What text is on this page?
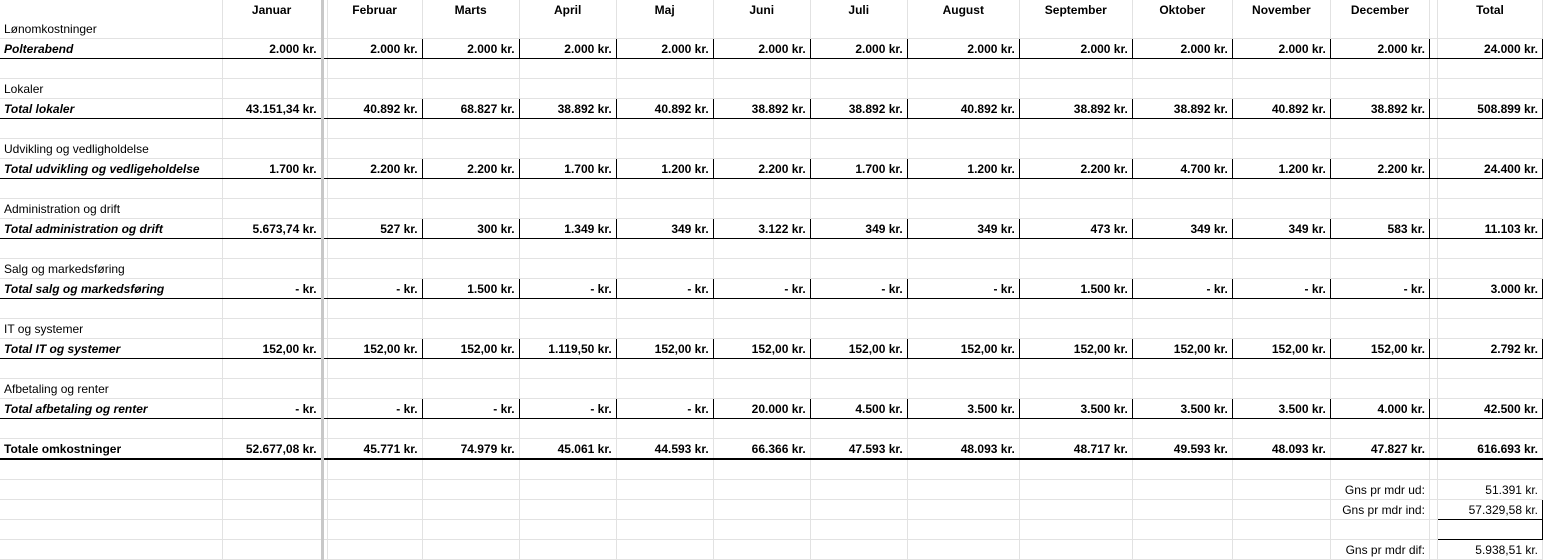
	Januar		Februar	Marts	April	Maj	Juni	Juli	August	September	Oktober	November	December		Total
Lønomkostninger															
Polterabend	2.000 kr.		2.000 kr.	2.000 kr.	2.000 kr.	2.000 kr.	2.000 kr.	2.000 kr.	2.000 kr.	2.000 kr.	2.000 kr.	2.000 kr.	2.000 kr.		24.000 kr.

Lokaler															
Total lokaler	43.151,34 kr.		40.892 kr.	68.827 kr.	38.892 kr.	40.892 kr.	38.892 kr.	38.892 kr.	40.892 kr.	38.892 kr.	38.892 kr.	40.892 kr.	38.892 kr.		508.899 kr.

Udvikling og vedligholdelse															
Total udvikling og vedligeholdelse	1.700 kr.		2.200 kr.	2.200 kr.	1.700 kr.	1.200 kr.	2.200 kr.	1.700 kr.	1.200 kr.	2.200 kr.	4.700 kr.	1.200 kr.	2.200 kr.		24.400 kr.

Administration og drift															
Total administration og drift	5.673,74 kr.		527 kr.	300 kr.	1.349 kr.	349 kr.	3.122 kr.	349 kr.	349 kr.	473 kr.	349 kr.	349 kr.	583 kr.		11.103 kr.

Salg og markedsføring															
Total salg og markedsføring	- kr.		- kr.	1.500 kr.	- kr.	- kr.	- kr.	- kr.	- kr.	1.500 kr.	- kr.	- kr.	- kr.		3.000 kr.

IT og systemer															
Total IT og systemer	152,00 kr.		152,00 kr.	152,00 kr.	1.119,50 kr.	152,00 kr.	152,00 kr.	152,00 kr.	152,00 kr.	152,00 kr.	152,00 kr.	152,00 kr.	152,00 kr.		2.792 kr.

Afbetaling og renter															
Total afbetaling og renter	- kr.		- kr.	- kr.	- kr.	- kr.	20.000 kr.	4.500 kr.	3.500 kr.	3.500 kr.	3.500 kr.	3.500 kr.	4.000 kr.		42.500 kr.

Totale omkostninger	52.677,08 kr.		45.771 kr.	74.979 kr.	45.061 kr.	44.593 kr.	66.366 kr.	47.593 kr.	48.093 kr.	48.717 kr.	49.593 kr.	48.093 kr.	47.827 kr.		616.693 kr.

													Gns pr mdr ud:		51.391 kr.
													Gns pr mdr ind:		57.329,58 kr.

													Gns pr mdr dif:		5.938,51 kr.
